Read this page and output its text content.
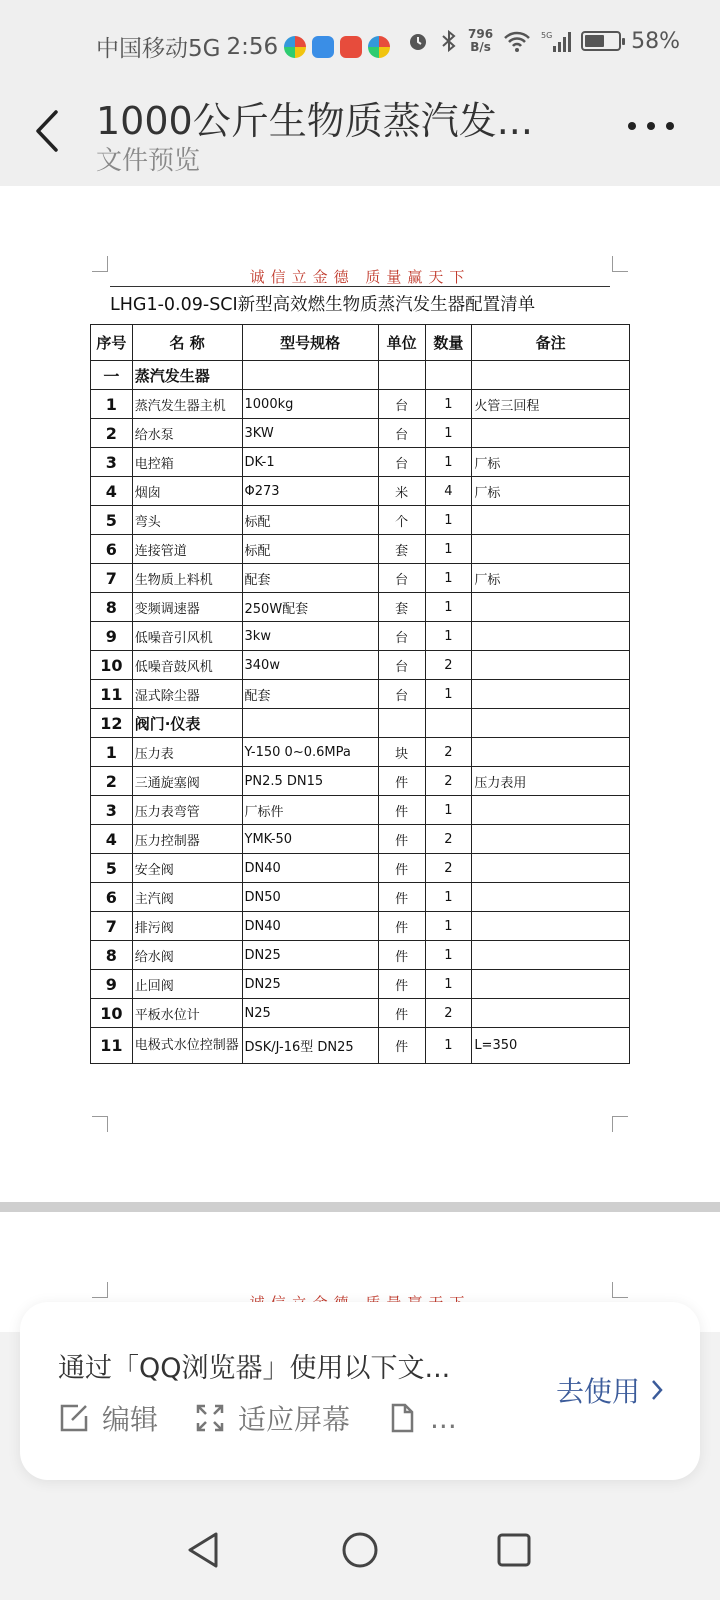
中国移动5G 2:56	796
B/s
5G	58%
1000公斤生物质蒸汽发...
文件预览
诚信立金德 质量赢天下
LHG1-0.09-SCI新型高效燃生物质蒸汽发生器配置清单
序号	名 称	型号规格	单位	数量	备注
一	蒸汽发生器				
1	蒸汽发生器主机	1000kg	台	1	火管三回程
2	给水泵	3KW	台	1	
3	电控箱	DK-1	台	1	厂标
4	烟囱	Φ273	米	4	厂标
5	弯头	标配	个	1	
6	连接管道	标配	套	1	
7	生物质上料机	配套	台	1	厂标
8	变频调速器	250W配套	套	1	
9	低噪音引风机	3kw	台	1	
10	低噪音鼓风机	340w	台	2	
11	湿式除尘器	配套	台	1	
12	阀门·仪表				
1	压力表	Y-150 0~0.6MPa	块	2	
2	三通旋塞阀	PN2.5 DN15	件	2	压力表用
3	压力表弯管	厂标件	件	1	
4	压力控制器	YMK-50	件	2	
5	安全阀	DN40	件	2	
6	主汽阀	DN50	件	1	
7	排污阀	DN40	件	1	
8	给水阀	DN25	件	1	
9	止回阀	DN25	件	1	
10	平板水位计	N25	件	2	
11	电极式水位控制器	DSK/J-16型 DN25	件	1	L=350
通过「QQ浏览器」使用以下文...
编辑	适应屏幕	...
去使用
